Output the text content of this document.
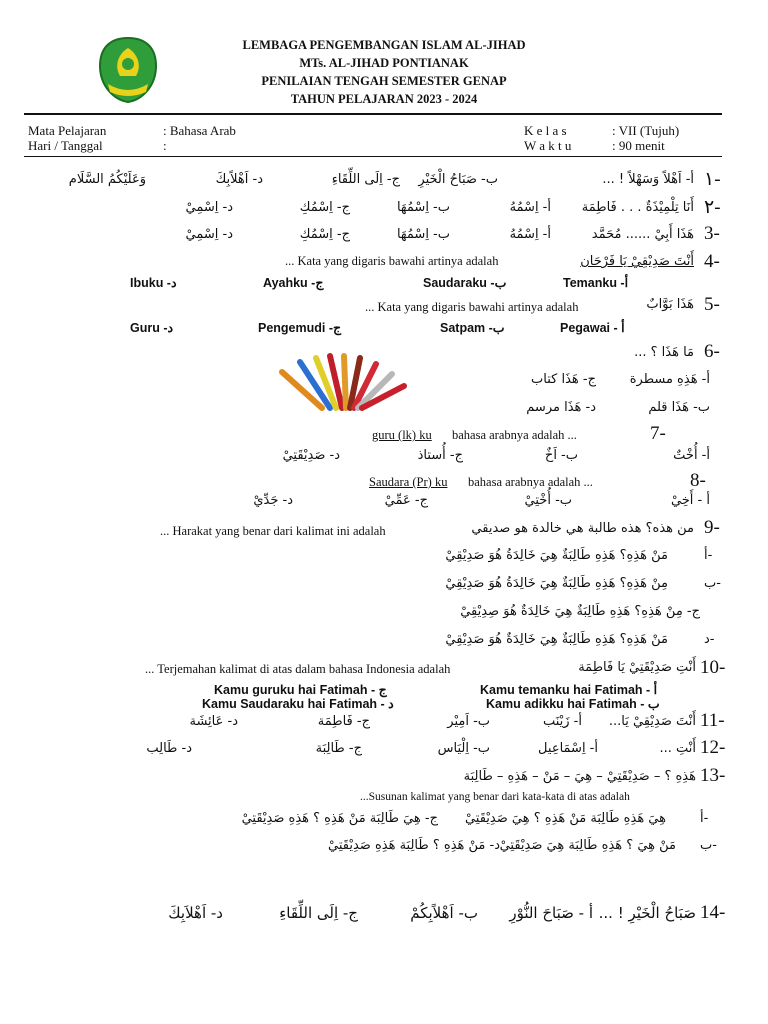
LEMBAGA PENGEMBANGAN ISLAM AL-JIHAD
MTs. AL-JIHAD PONTIANAK
PENILAIAN TENGAH SEMESTER GENAP
TAHUN PELAJARAN 2023 - 2024
Mata Pelajaran	: Bahasa Arab
Hari / Tanggal	:
K e l a s	: VII (Tujuh)
W a k t u	: 90 menit
١-
أ- اَهْلاً وَسَهْلاً ! ...
ب- صَبَاحُ الْخَيْرِ
ج- اِلَى اللِّقَاءِ
د- اَهْلاًبِكَ
وَعَلَيْكُمُ السَّلَام
٢-
أَنَا تِلْمِيْذَةٌ . . . فَاطِمَة
أ- اِسْمُهُ
ب- اِسْمُهَا
ج- اِسْمُكِ
د- اِسْمِيْ
3-
هَذَا أَبِيْ ...... مُحَمَّد
أ- اِسْمُهُ
ب- اِسْمُهَا
ج- اِسْمُكِ
د- اِسْمِيْ
4-
أَنْتَ صَدِيْقِيْ يَا فَرْحَان
... Kata yang digaris bawahi artinya adalah
Temanku -أ
Saudaraku -ب
Ayahku -ج
Ibuku -د
5-
هَذَا بَوَّابٌ
... Kata yang digaris bawahi artinya adalah
Pegawai - أ
Satpam -ب
Pengemudi -ج
Guru -د
6-
مَا هَذَا ؟ ...
أ- هَذِهِ مسطرة
ج- هَذَا كتاب
ب- هَذَا قلم
د- هَذَا مرسم
7-
guru (lk) ku bahasa arabnya adalah ...
أ- أُخْتٌ
ب- اَخٌ
ج- أُستاذ
د- صَدِيْقَتِيْ
8-
Saudara (Pr) ku bahasa arabnya adalah ...
أ - أَخِيْ
ب- أُخْتِيْ
ج- عَمِّيْ
د- جَدِّيْ
9-
من هذه؟ هذه طالبة هي خالدة هو صديقي
... Harakat yang benar dari kalimat ini adalah
أ-
مَنْ هَذِهِ؟ هَذِهِ طَالِبَةٌ هِيَ خَالِدَةُ هُوَ صَدِيْقِيْ
ب-
مِنْ هَذِهِ؟ هَذِهِ طَالِبَةٌ هِيَ خَالِدَةُ هُوَ صَدِيْقِيْ
ج- مِنْ هَذِهِ؟ هَذِهِ طَالِبَةٌ هِيَ خَالِدَةٌ هُوَ صِدِيْقِيْ
د-
مَنْ هَذِهِ؟ هَذِهِ طَالِبَةٌ هِيَ خَالِدَةٌ هُوَ صَدِيْقِيْ
10-
أَنْتِ صَدِيْقَتِيْ يَا فَاطِمَة
... Terjemahan kalimat di atas dalam bahasa Indonesia adalah
Kamu temanku hai Fatimah - أ
Kamu adikku hai Fatimah - ب
Kamu guruku hai Fatimah - ج
Kamu Saudaraku hai Fatimah - د
11-
أَنْتَ صَدِيْقِيْ يَا...
أ- زَيْنَب
ب- اَمِيْر
ج- فَاطِمَة
د- عَائِشَة
12-
أَنْتِ ...
أ- اِسْمَاعِيل
ب- اِلْيَاس
ج- طَالِبَة
د- طَالِب
13-
هَذِهِ ؟ – صَدِيْقَتِيْ – هِيَ – مَنْ – هَذِهِ – طَالِبَة
...Susunan kalimat yang benar dari kata-kata di atas adalah
أ-
هِيَ هَذِهِ طَالِبَة مَنْ هَذِهِ ؟ هِيَ صَدِيْقَتِيْ
ج- هِيَ طَالِبَة مَنْ هَذِهِ ؟ هَذِهِ صَدِيْقَتِيْ
ب-
مَنْ هِيَ ؟ هَذِهِ طَالِبَة هِيَ صَدِيْقَتِيْ
د- مَنْ هَذِهِ ؟ طَالِبَة هَذِهِ صَدِيْقَتِيْ
14-
صَبَاحُ الْخَيْرِ ! ...
أ - صَبَاحَ النُّوْرِ
ب- اَهْلاًبِكُمْ
ج- اِلَى اللِّقَاءِ
د- اَهْلاَبِكَ
